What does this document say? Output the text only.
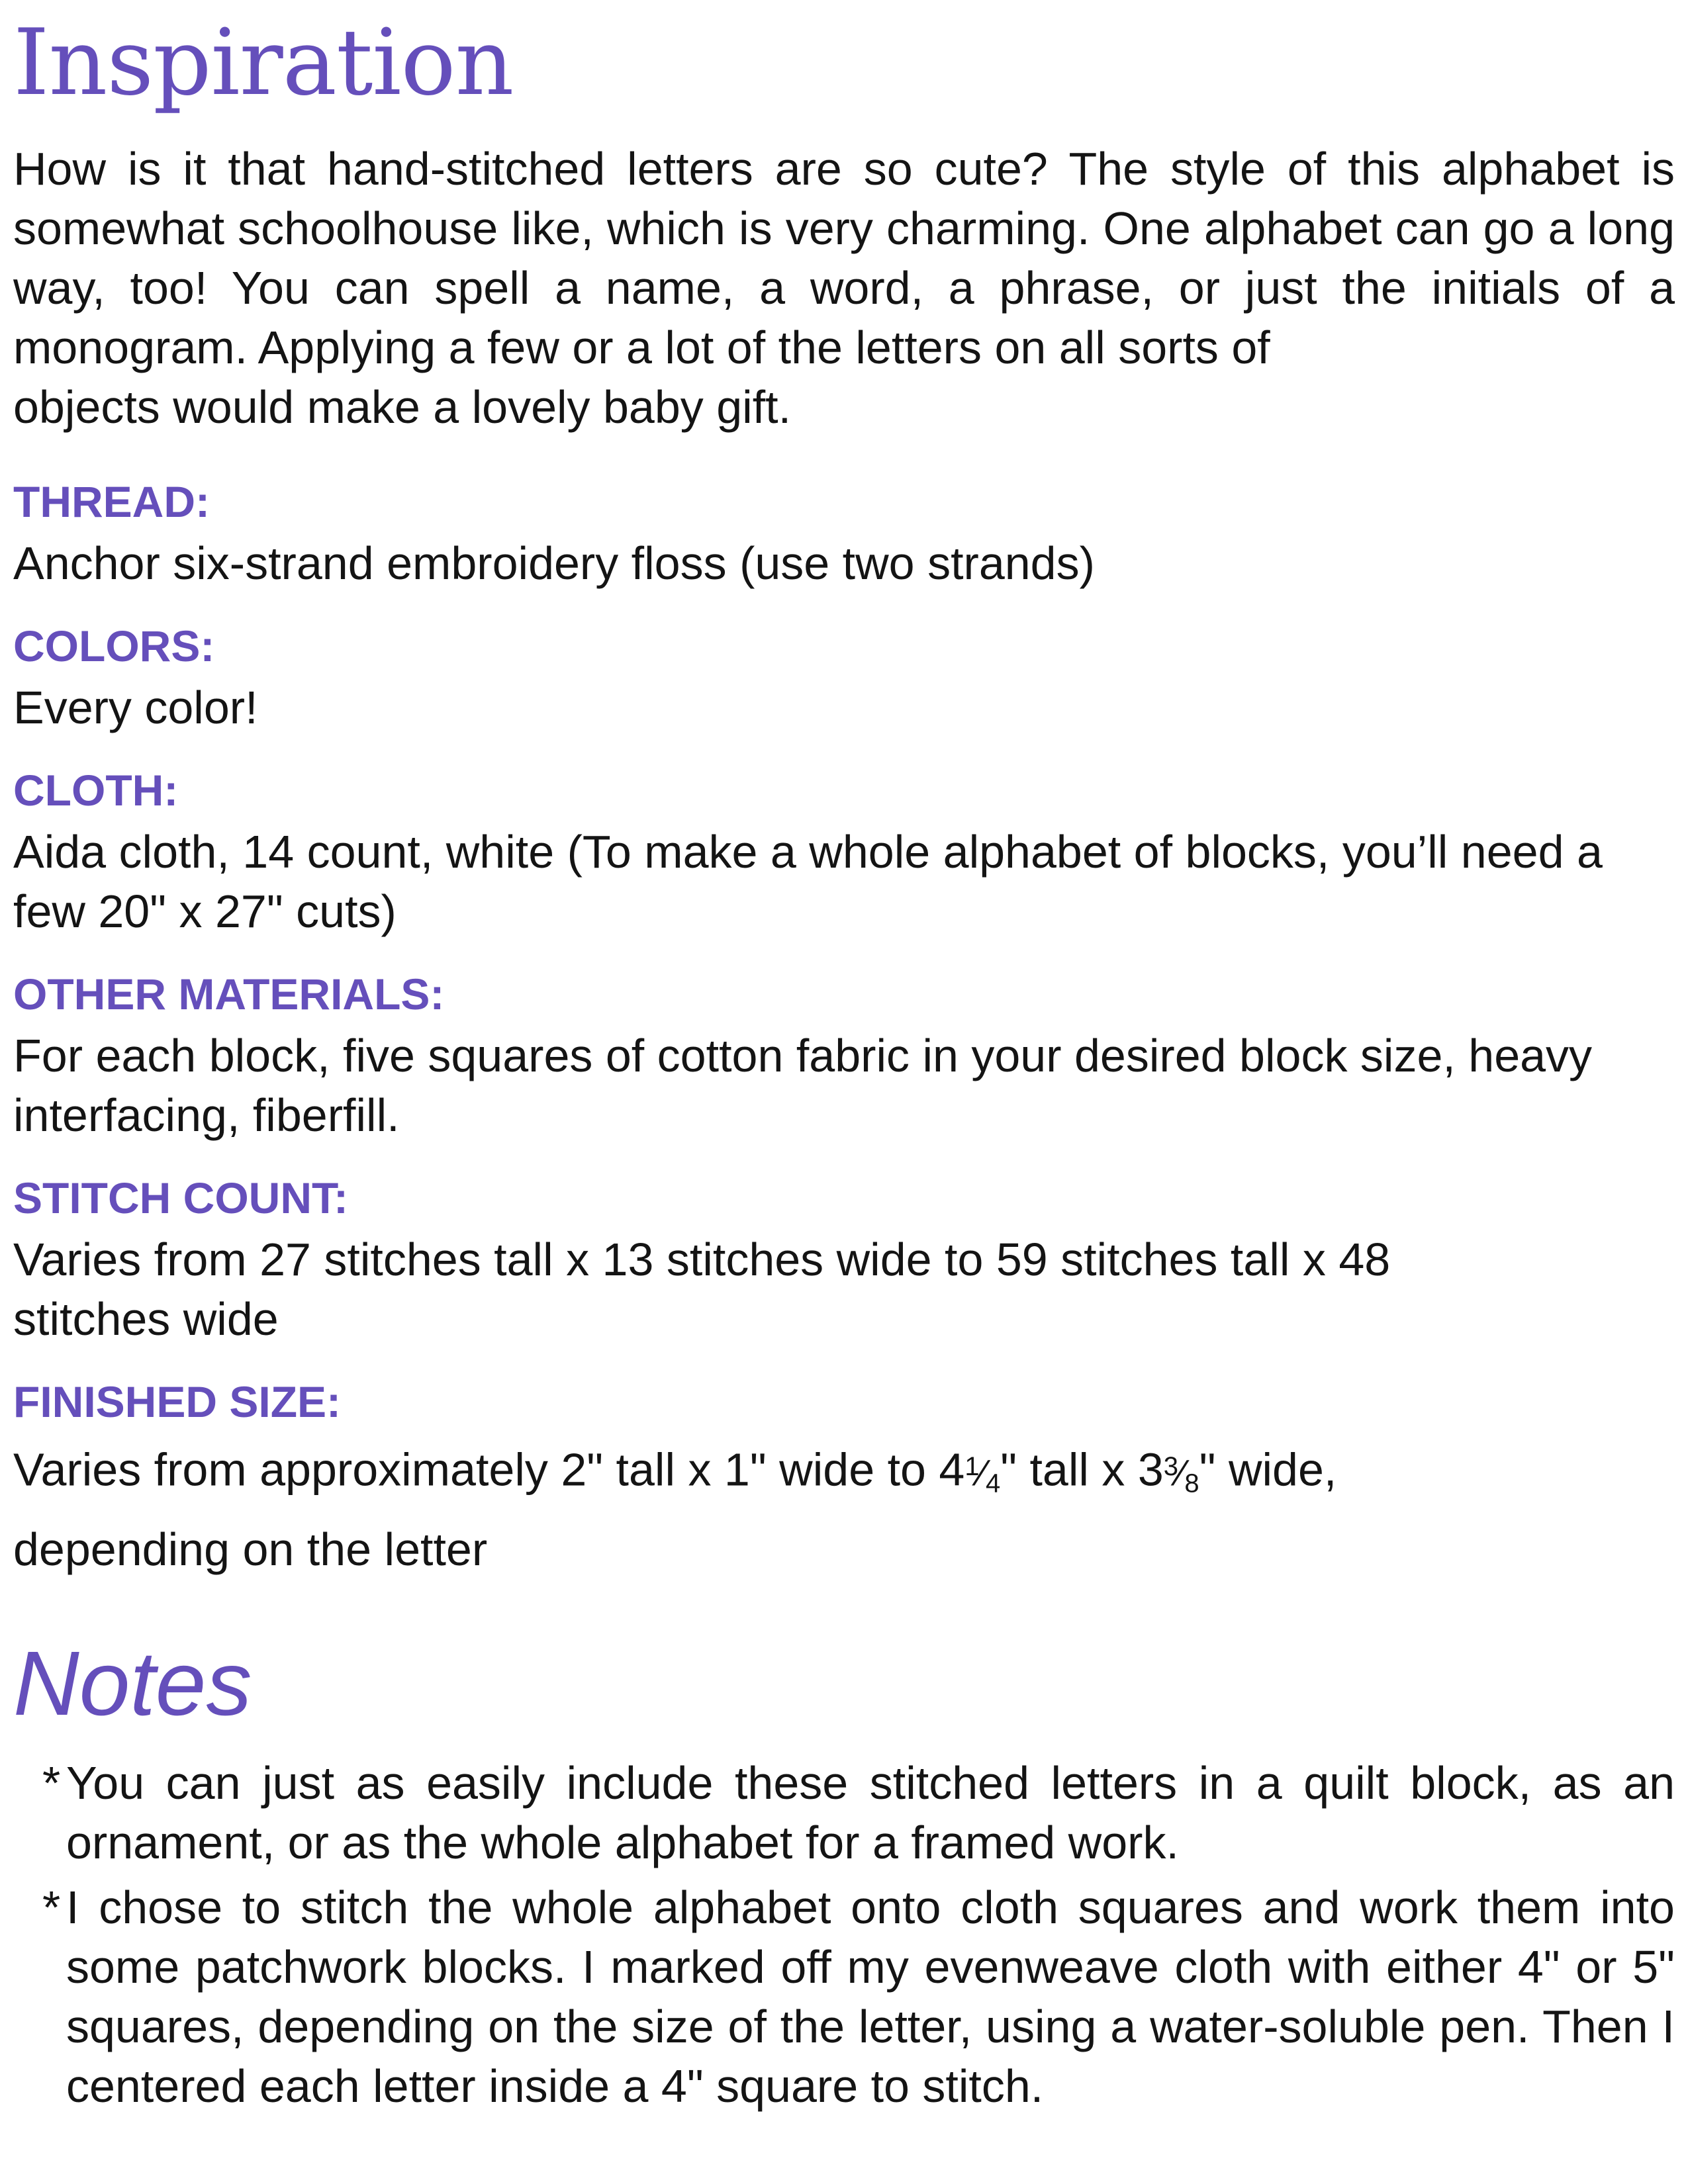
Inspiration

How is it that hand-stitched letters are so cute? The style of this alphabet is somewhat schoolhouse like, which is very charming. One alphabet can go a long way, too! You can spell a name, a word, a phrase, or just the initials of a monogram. Applying a few or a lot of the letters on all sorts of
objects would make a lovely baby gift.

THREAD:

Anchor six-strand embroidery floss (use two strands)

COLORS:

Every color!

CLOTH:

Aida cloth, 14 count, white (To make a whole alphabet of blocks, you’ll need a few 20" x 27" cuts)

OTHER MATERIALS:

For each block, five squares of cotton fabric in your desired block size, heavy interfacing, fiberfill.

STITCH COUNT:

Varies from 27 stitches tall x 13 stitches wide to 59 stitches tall x 48 stitches wide

FINISHED SIZE:

Varies from approximately 2" tall x 1" wide to 41⁄4" tall x 33⁄8" wide,
depending on the letter

Notes
* You can just as easily include these stitched letters in a quilt block, as an ornament, or as the whole alphabet for a framed work.
* I chose to stitch the whole alphabet onto cloth squares and work them into some patchwork blocks. I marked off my evenweave cloth with either 4" or 5" squares, depending on the size of the letter, using a water-soluble pen. Then I centered each letter inside a 4" square to stitch.
